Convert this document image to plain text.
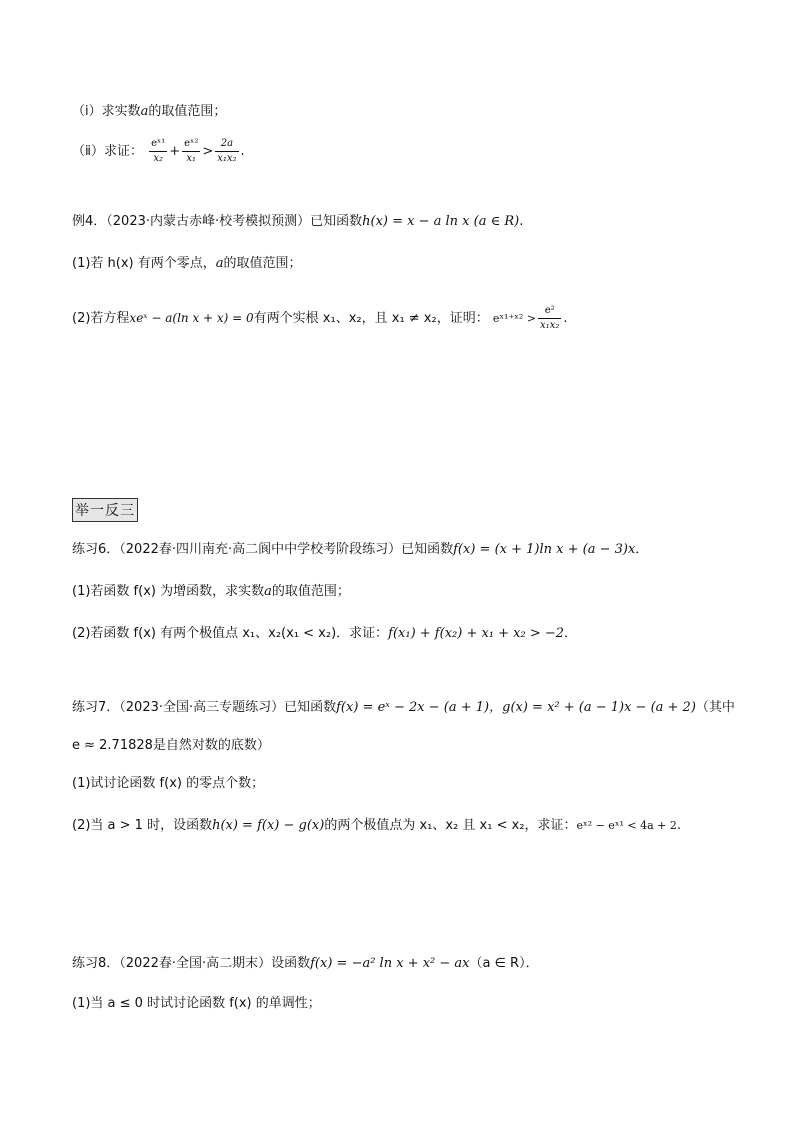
（ⅰ）求实数a的取值范围；
（ⅱ）求证： $\frac{\text{eˣ¹}}{\text{x₂}} + \frac{\text{eˣ²}}{\text{x₁}} > \frac{2a}{\text{x₁x₂}}$ .
例4．（2023·内蒙古赤峰·校考模拟预测）已知函数h(x) = x − a ln x (a ∈ R).
(1)若 h(x) 有两个零点，a的取值范围；
(2)若方程xeˣ − a(ln x + x) = 0有两个实根 x₁、x₂，且 x₁ ≠ x₂，证明： eˣ¹⁺ˣ² > $\frac{\text{e²}}{\text{x₁x₂}}$ .
举一反三
练习6．（2022春·四川南充·高二阆中中学校考阶段练习）已知函数f(x) = (x + 1)ln x + (a − 3)x．
(1)若函数 f(x) 为增函数，求实数a的取值范围；
(2)若函数 f(x) 有两个极值点 x₁、x₂(x₁ < x₂)．求证：f(x₁) + f(x₂) + x₁ + x₂ > −2．
练习7．（2023·全国·高三专题练习）已知函数f(x) = eˣ − 2x − (a + 1)，g(x) = x² + (a − 1)x − (a + 2)（其中
e ≈ 2.71828是自然对数的底数）
(1)试讨论函数 f(x) 的零点个数；
(2)当 a > 1 时，设函数h(x) = f(x) − g(x)的两个极值点为 x₁、x₂ 且 x₁ < x₂，求证：eˣ² − eˣ¹ < 4a + 2.
练习8．（2022春·全国·高二期末）设函数f(x) = −a² ln x + x² − ax（a ∈ R）．
(1)当 a ≤ 0 时试讨论函数 f(x) 的单调性；
